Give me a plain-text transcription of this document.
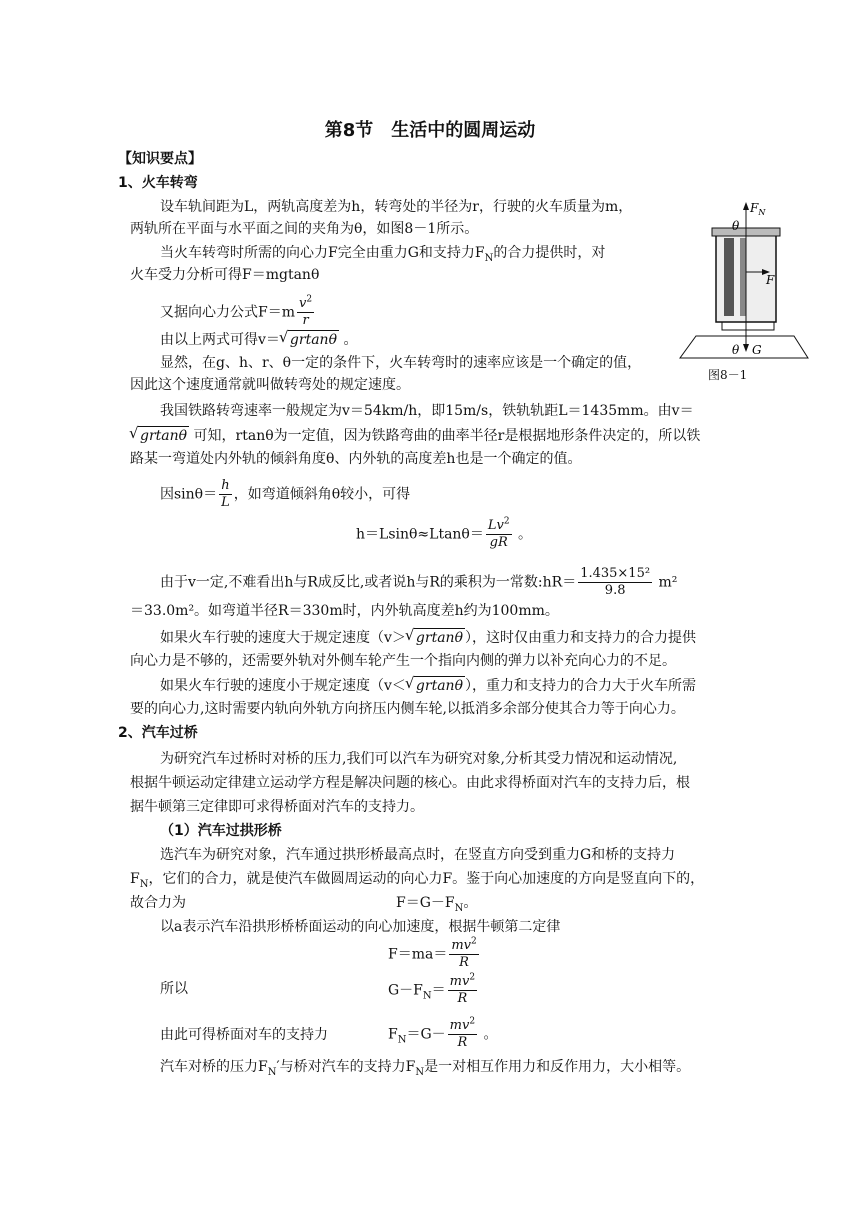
第8节　生活中的圆周运动
【知识要点】
1、火车转弯
设车轨间距为L，两轨高度差为h，转弯处的半径为r，行驶的火车质量为m，
两轨所在平面与水平面之间的夹角为θ，如图8－1所示。
当火车转弯时所需的向心力F完全由重力G和支持力$F_N$的合力提供时，对
火车受力分析可得F＝mgtanθ
又据向心力公式$F=m \frac{v^2}{r}$
由以上两式可得v＝ √ grtanθ 。
显然，在g、h、r、θ一定的条件下，火车转弯时的速率应该是一个确定的值，
因此这个速度通常就叫做转弯处的规定速度。
我国铁路转弯速率一般规定为v＝54km/h，即15m/s，铁轨轨距L＝1435mm。由v＝
√ grtanθ 可知，rtanθ为一定值，因为铁路弯曲的曲率半径r是根据地形条件决定的，所以铁
路某一弯道处内外轨的倾斜角度θ、内外轨的高度差h也是一个确定的值。
因$\sin\theta= \frac{h}{L}$ ，如弯道倾斜角θ较小，可得
$h=Lsin\theta\approx Ltan\theta= \frac{Lv^2}{gR}$ 。
由于v一定,不难看出h与R成反比,或者说h与R的乘积为一常数:hR＝ $\frac{\text{1.435×15²}}{9.8} m^2$
＝33.0m²。如弯道半径R＝330m时，内外轨高度差h约为100mm。
如果火车行驶的速度大于规定速度（v＞ √ grtanθ ），这时仅由重力和支持力的合力提供
向心力是不够的，还需要外轨对外侧车轮产生一个指向内侧的弹力以补充向心力的不足。
如果火车行驶的速度小于规定速度（v＜ √ grtanθ ），重力和支持力的合力大于火车所需
要的向心力,这时需要内轨向外轨方向挤压内侧车轮,以抵消多余部分使其合力等于向心力。
2、汽车过桥
为研究汽车过桥时对桥的压力,我们可以汽车为研究对象,分析其受力情况和运动情况,
根据牛顿运动定律建立运动学方程是解决问题的核心。由此求得桥面对汽车的支持力后，根
据牛顿第三定律即可求得桥面对汽车的支持力。
（1）汽车过拱形桥
选汽车为研究对象，汽车通过拱形桥最高点时，在竖直方向受到重力G和桥的支持力
$F_N$，它们的合力，就是使汽车做圆周运动的向心力F。鉴于向心加速度的方向是竖直向下的，
故合力为	$F=G-F_N$。
以a表示汽车沿拱形桥桥面运动的向心加速度，根据牛顿第二定律
$F=ma= \frac{mv^2}{R}$
所以	$G-F_N= \frac{mv^2}{R}$
由此可得桥面对车的支持力	$F_N=G- \frac{mv^2}{R}$ 。
汽车对桥的压力$F_N'$与桥对汽车的支持力$F_N$是一对相互作用力和反作用力，大小相等。
$F_N$
θ
F
θ G
图8－1
